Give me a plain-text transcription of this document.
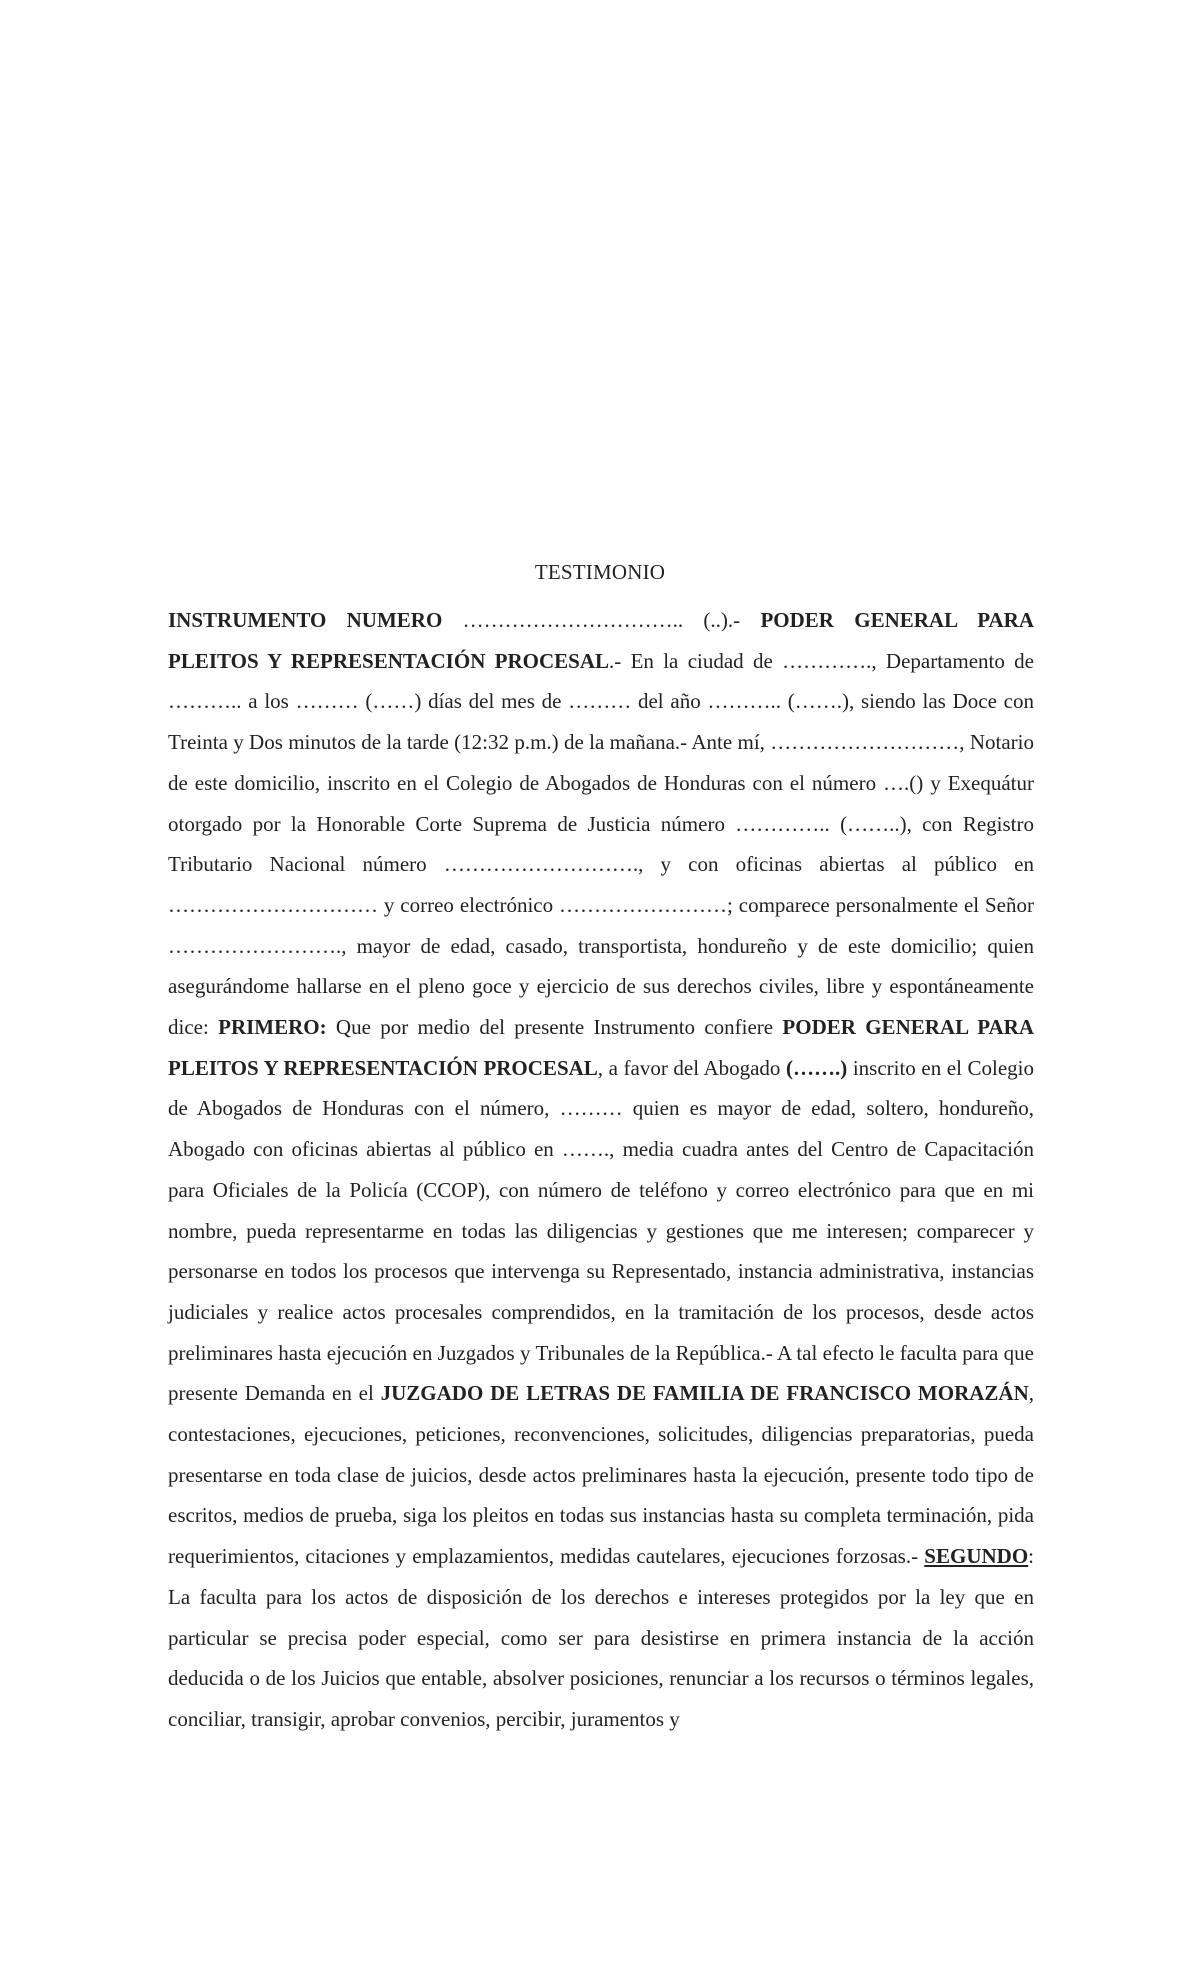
TESTIMONIO

INSTRUMENTO NUMERO ………………………….. (..).- PODER GENERAL PARA PLEITOS Y REPRESENTACIÓN PROCESAL.- En la ciudad de …………., Departamento de ……….. a los ……… (……) días del mes de ……… del año ……….. (…….), siendo las Doce con Treinta y Dos minutos de la tarde (12:32 p.m.) de la mañana.- Ante mí, ………………………, Notario de este domicilio, inscrito en el Colegio de Abogados de Honduras con el número ….() y Exequátur otorgado por la Honorable Corte Suprema de Justicia número ………….. (……..), con Registro Tributario Nacional número ………………………., y con oficinas abiertas al público en ………………………… y correo electrónico ……………………; comparece personalmente el Señor ……………………., mayor de edad, casado, transportista, hondureño y de este domicilio; quien asegurándome hallarse en el pleno goce y ejercicio de sus derechos civiles, libre y espontáneamente dice: PRIMERO: Que por medio del presente Instrumento confiere PODER GENERAL PARA PLEITOS Y REPRESENTACIÓN PROCESAL, a favor del Abogado (…….) inscrito en el Colegio de Abogados de Honduras con el número, ……… quien es mayor de edad, soltero, hondureño, Abogado con oficinas abiertas al público en ……., media cuadra antes del Centro de Capacitación para Oficiales de la Policía (CCOP), con número de teléfono y correo electrónico para que en mi nombre, pueda representarme en todas las diligencias y gestiones que me interesen; comparecer y personarse en todos los procesos que intervenga su Representado, instancia administrativa, instancias judiciales y realice actos procesales comprendidos, en la tramitación de los procesos, desde actos preliminares hasta ejecución en Juzgados y Tribunales de la República.- A tal efecto le faculta para que presente Demanda en el JUZGADO DE LETRAS DE FAMILIA DE FRANCISCO MORAZÁN, contestaciones, ejecuciones, peticiones, reconvenciones, solicitudes, diligencias preparatorias, pueda presentarse en toda clase de juicios, desde actos preliminares hasta la ejecución, presente todo tipo de escritos, medios de prueba, siga los pleitos en todas sus instancias hasta su completa terminación, pida requerimientos, citaciones y emplazamientos, medidas cautelares, ejecuciones forzosas.- SEGUNDO: La faculta para los actos de disposición de los derechos e intereses protegidos por la ley que en particular se precisa poder especial, como ser para desistirse en primera instancia de la acción deducida o de los Juicios que entable, absolver posiciones, renunciar a los recursos o términos legales, conciliar, transigir, aprobar convenios, percibir, juramentos y
